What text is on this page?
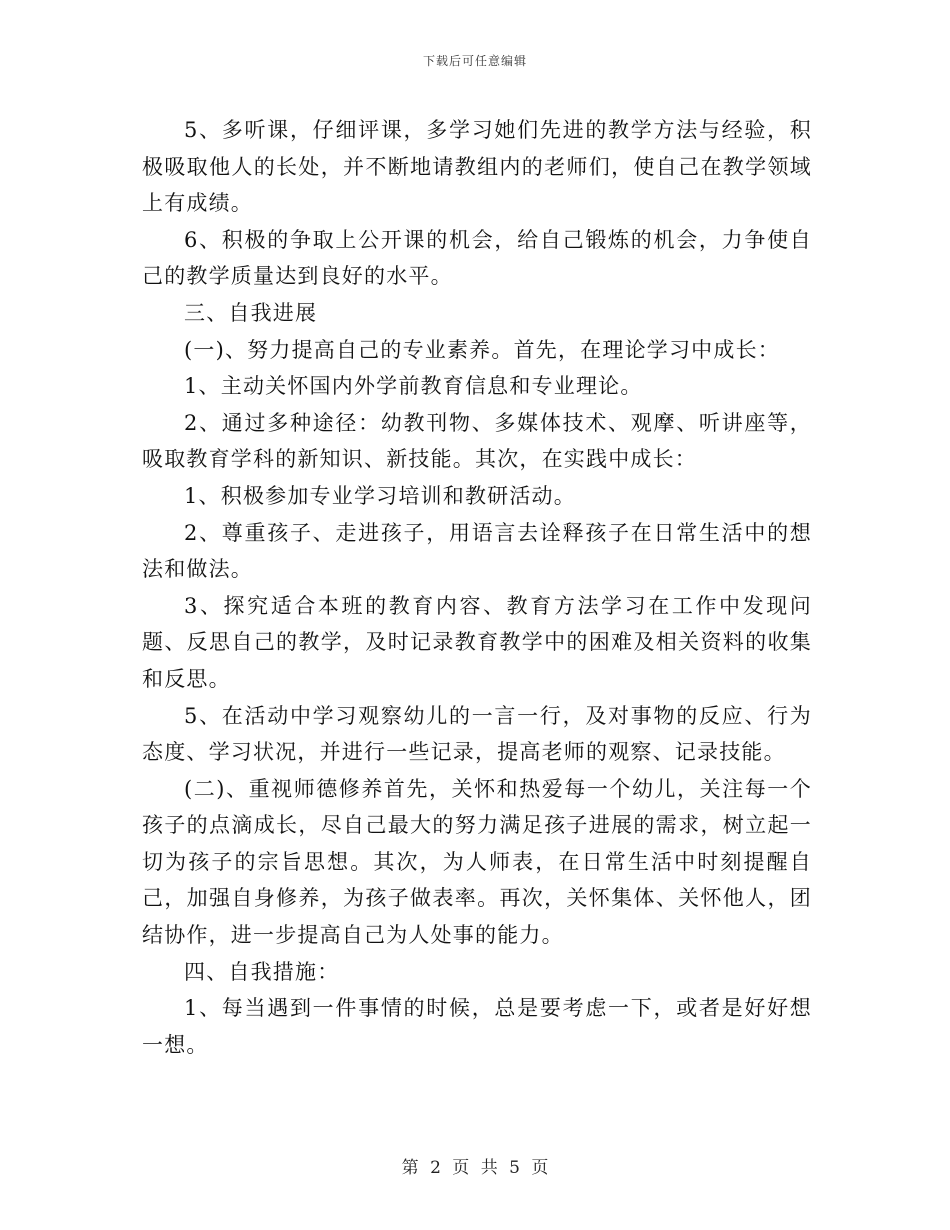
下载后可任意编辑

5、多听课，仔细评课，多学习她们先进的教学方法与经验，积极吸取他人的长处，并不断地请教组内的老师们，使自己在教学领域上有成绩。

6、积极的争取上公开课的机会，给自己锻炼的机会，力争使自己的教学质量达到良好的水平。

三、自我进展

(一)、努力提高自己的专业素养。首先，在理论学习中成长：

1、主动关怀国内外学前教育信息和专业理论。

2、通过多种途径：幼教刊物、多媒体技术、观摩、听讲座等，吸取教育学科的新知识、新技能。其次，在实践中成长：

1、积极参加专业学习培训和教研活动。

2、尊重孩子、走进孩子，用语言去诠释孩子在日常生活中的想法和做法。

3、探究适合本班的教育内容、教育方法学习在工作中发现问题、反思自己的教学，及时记录教育教学中的困难及相关资料的收集和反思。

5、在活动中学习观察幼儿的一言一行，及对事物的反应、行为态度、学习状况，并进行一些记录，提高老师的观察、记录技能。

(二)、重视师德修养首先，关怀和热爱每一个幼儿，关注每一个孩子的点滴成长，尽自己最大的努力满足孩子进展的需求，树立起一切为孩子的宗旨思想。其次，为人师表，在日常生活中时刻提醒自己，加强自身修养，为孩子做表率。再次，关怀集体、关怀他人，团结协作，进一步提高自己为人处事的能力。

四、自我措施：

1、每当遇到一件事情的时候，总是要考虑一下，或者是好好想一想。

第 2 页 共 5 页
